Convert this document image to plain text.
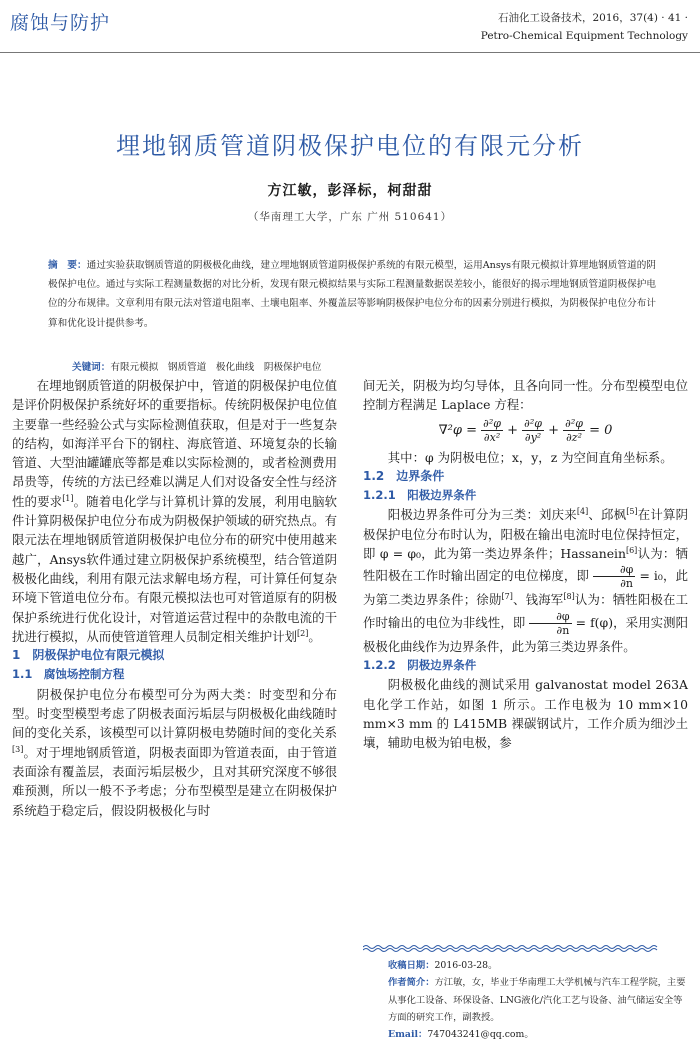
腐蚀与防护	石油化工设备技术，2016，37(4) · 41 ·
Petro-Chemical Equipment Technology
埋地钢质管道阴极保护电位的有限元分析
方江敏，彭泽标，柯甜甜
（华南理工大学，广东 广州 510641）
摘　要：通过实验获取钢质管道的阴极极化曲线，建立埋地钢质管道阴极保护系统的有限元模型，运用Ansys有限元模拟计算埋地钢质管道的阴极保护电位。通过与实际工程测量数据的对比分析，发现有限元模拟结果与实际工程测量数据误差较小，能很好的揭示埋地钢质管道阴极保护电位的分布规律。文章利用有限元法对管道电阻率、土壤电阻率、外覆盖层等影响阴极保护电位分布的因素分别进行模拟，为阴极保护电位分布计算和优化设计提供参考。
关键词：有限元模拟　钢质管道　极化曲线　阴极保护电位

在埋地钢质管道的阴极保护中，管道的阴极保护电位值是评价阴极保护系统好坏的重要指标。传统阴极保护电位值主要靠一些经验公式与实际检测值获取，但是对于一些复杂的结构，如海洋平台下的钢柱、海底管道、环境复杂的长输管道、大型油罐罐底等都是难以实际检测的，或者检测费用昂贵等，传统的方法已经难以满足人们对设备安全性与经济性的要求[1]。随着电化学与计算机计算的发展，利用电脑软件计算阴极保护电位分布成为阴极保护领域的研究热点。有限元法在埋地钢质管道阴极保护电位分布的研究中使用越来越广，Ansys软件通过建立阴极保护系统模型，结合管道阴极极化曲线，利用有限元法求解电场方程，可计算任何复杂环境下管道电位分布。有限元模拟法也可对管道原有的阴极保护系统进行优化设计，对管道运营过程中的杂散电流的干扰进行模拟，从而使管道管理人员制定相关维护计划[2]。

1　阴极保护电位有限元模拟

1.1　腐蚀场控制方程

阴极保护电位分布模型可分为两大类：时变型和分布型。时变型模型考虑了阴极表面污垢层与阴极极化曲线随时间的变化关系，该模型可以计算阴极电势随时间的变化关系[3]。对于埋地钢质管道，阴极表面即为管道表面，由于管道表面涂有覆盖层，表面污垢层极少，且对其研究深度不够很难预测，所以一般不予考虑；分布型模型是建立在阴极保护系统趋于稳定后，假设阴极极化与时

间无关，阴极为均匀导体，且各向同一性。分布型模型电位控制方程满足 Laplace 方程：

$\nabla^2\varphi = \frac{\text{∂²φ}}{\text{∂x²}} + \frac{\text{∂²φ}}{\text{∂y²}} + \frac{\text{∂²φ}}{\text{∂z²}} = 0$

其中：φ 为阴极电位；x，y，z 为空间直角坐标系。

1.2　边界条件

1.2.1　阳极边界条件

阳极边界条件可分为三类：刘庆来[4]、邱枫[5]在计算阴极保护电位分布时认为，阳极在输出电流时电位保持恒定，即 φ = φ₀，此为第一类边界条件；Hassanein[6]认为：牺牲阳极在工作时输出固定的电位梯度，即 $\frac{\partial\varphi}{\partial n} = i_0$，此为第二类边界条件；徐勋[7]、钱海军[8]认为：牺牲阳极在工作时输出的电位为非线性，即 $\frac{\partial\varphi}{\partial n} = f(\varphi)$，采用实测阳极极化曲线作为边界条件，此为第三类边界条件。

1.2.2　阴极边界条件

阴极极化曲线的测试采用 galvanostat model 263A 电化学工作站，如图 1 所示。工作电极为 10 mm×10 mm×3 mm 的 L415MB 裸碳钢试片，工作介质为细沙土壤，辅助电极为铂电极，参

收稿日期：2016-03-28。
作者简介：方江敏，女，毕业于华南理工大学机械与汽车工程学院，主要从事化工设备、环保设备、LNG液化/汽化工艺与设备、油气储运安全等方面的研究工作，副教授。
Email：747043241@qq.com。
